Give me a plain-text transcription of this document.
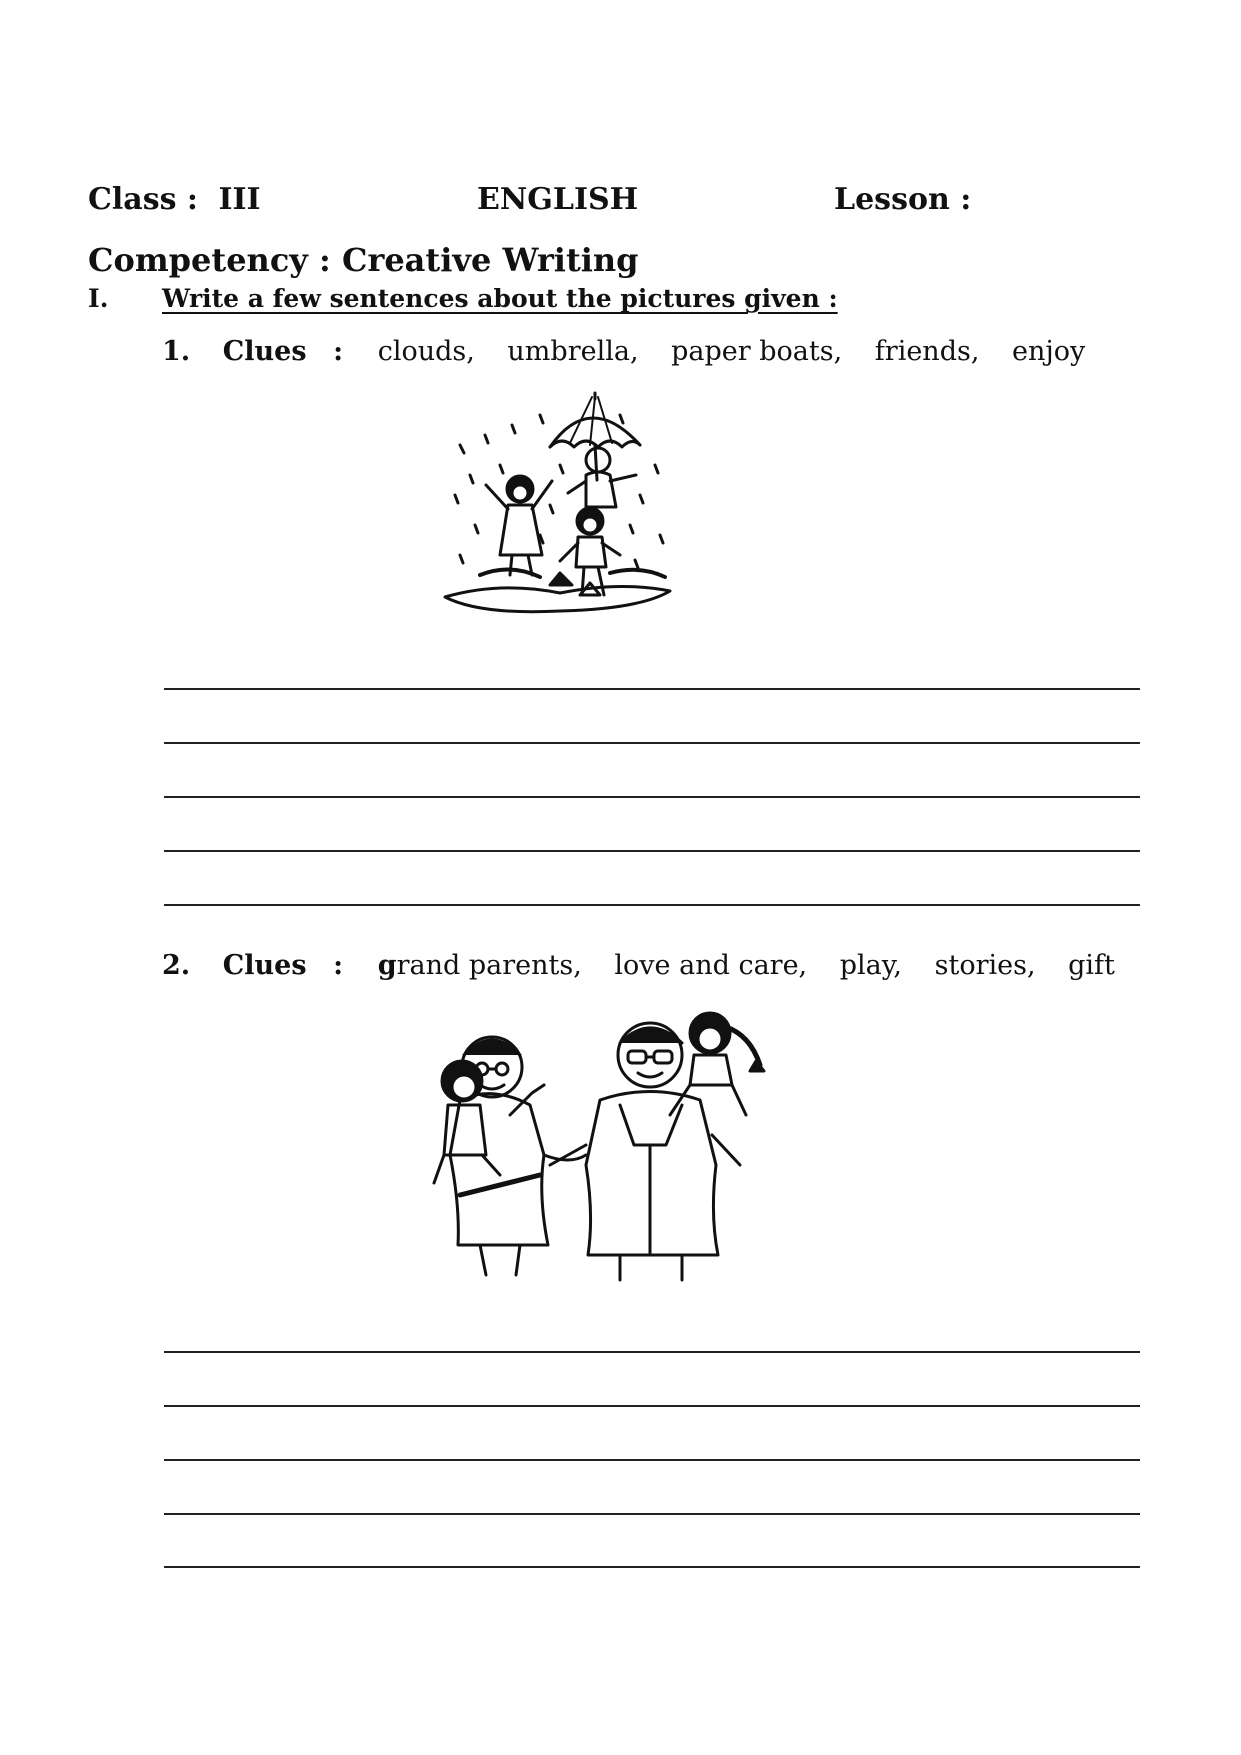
Class : III	ENGLISH	Lesson :
Competency : Creative Writing
I. Write a few sentences about the pictures given :
1. Clues : clouds, umbrella, paper boats, friends, enjoy
2. Clues : grand parents, love and care, play, stories, gift
